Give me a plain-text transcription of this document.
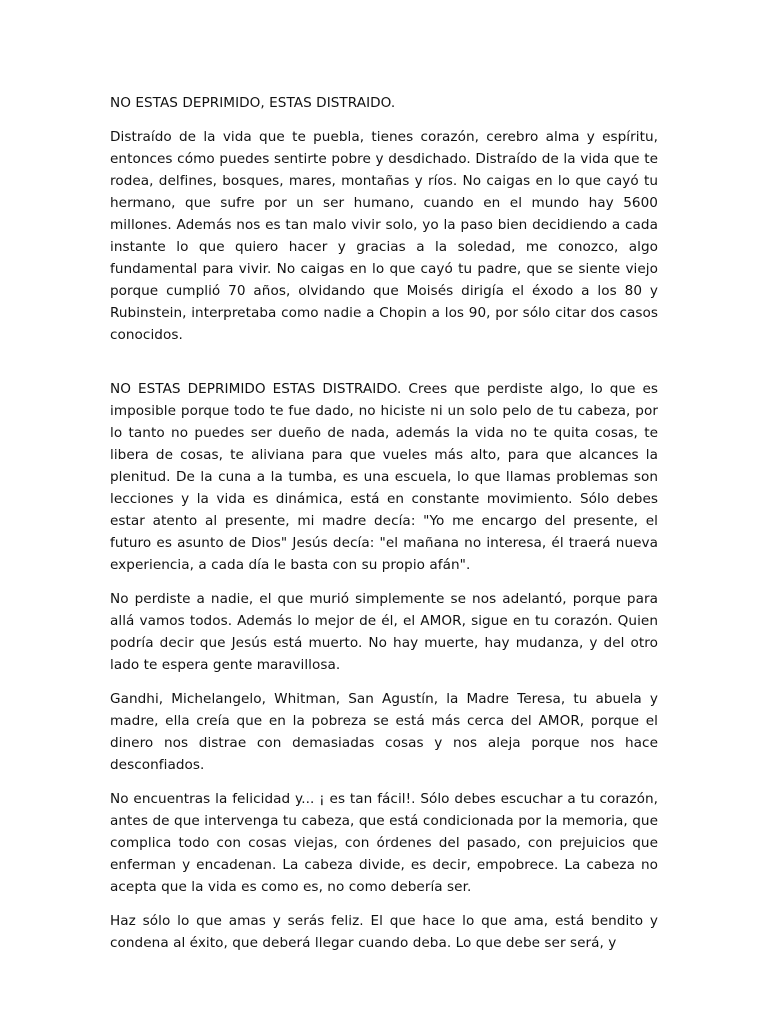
NO ESTAS DEPRIMIDO, ESTAS DISTRAIDO.

Distraído de la vida que te puebla, tienes corazón, cerebro alma y espíritu, entonces cómo puedes sentirte pobre y desdichado. Distraído de la vida que te rodea, delfines, bosques, mares, montañas y ríos. No caigas en lo que cayó tu hermano, que sufre por un ser humano, cuando en el mundo hay 5600 millones. Además nos es tan malo vivir solo, yo la paso bien decidiendo a cada instante lo que quiero hacer y gracias a la soledad, me conozco, algo fundamental para vivir. No caigas en lo que cayó tu padre, que se siente viejo porque cumplió 70 años, olvidando que Moisés dirigía el éxodo a los 80 y Rubinstein, interpretaba como nadie a Chopin a los 90, por sólo citar dos casos conocidos.

NO ESTAS DEPRIMIDO ESTAS DISTRAIDO. Crees que perdiste algo, lo que es imposible porque todo te fue dado, no hiciste ni un solo pelo de tu cabeza, por lo tanto no puedes ser dueño de nada, además la vida no te quita cosas, te libera de cosas, te aliviana para que vueles más alto, para que alcances la plenitud. De la cuna a la tumba, es una escuela, lo que llamas problemas son lecciones y la vida es dinámica, está en constante movimiento. Sólo debes estar atento al presente, mi madre decía: "Yo me encargo del presente, el futuro es asunto de Dios" Jesús decía: "el mañana no interesa, él traerá nueva experiencia, a cada día le basta con su propio afán".

No perdiste a nadie, el que murió simplemente se nos adelantó, porque para allá vamos todos. Además lo mejor de él, el AMOR, sigue en tu corazón. Quien podría decir que Jesús está muerto. No hay muerte, hay mudanza, y del otro lado te espera gente maravillosa.

Gandhi, Michelangelo, Whitman, San Agustín, la Madre Teresa, tu abuela y madre, ella creía que en la pobreza se está más cerca del AMOR, porque el dinero nos distrae con demasiadas cosas y nos aleja porque nos hace desconfiados.

No encuentras la felicidad y... ¡ es tan fácil!. Sólo debes escuchar a tu corazón, antes de que intervenga tu cabeza, que está condicionada por la memoria, que complica todo con cosas viejas, con órdenes del pasado, con prejuicios que enferman y encadenan. La cabeza divide, es decir, empobrece. La cabeza no acepta que la vida es como es, no como debería ser.

Haz sólo lo que amas y serás feliz. El que hace lo que ama, está bendito y condena al éxito, que deberá llegar cuando deba. Lo que debe ser será, y
